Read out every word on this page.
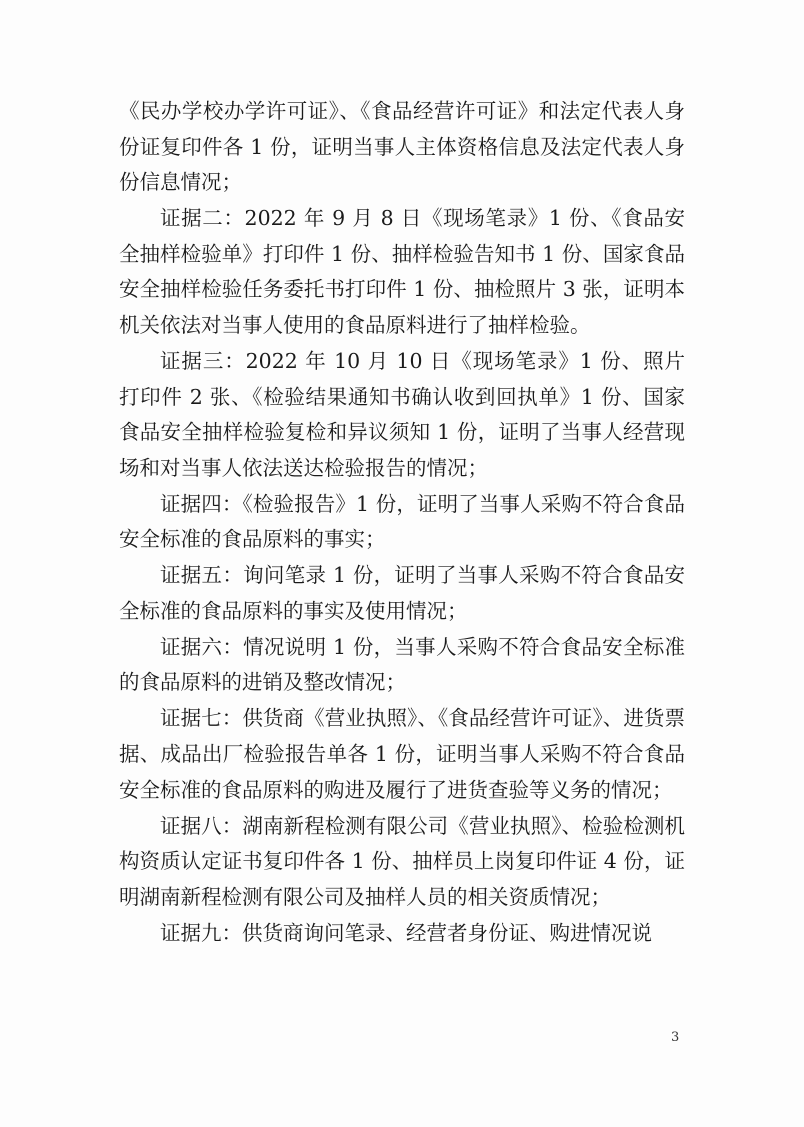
《民办学校办学许可证》、《食品经营许可证》和法定代表人身份证复印件各 1 份，证明当事人主体资格信息及法定代表人身份信息情况；

证据二：2022 年 9 月 8 日《现场笔录》1 份、《食品安全抽样检验单》打印件 1 份、抽样检验告知书 1 份、国家食品安全抽样检验任务委托书打印件 1 份、抽检照片 3 张，证明本机关依法对当事人使用的食品原料进行了抽样检验。

证据三：2022 年 10 月 10 日《现场笔录》1 份、照片打印件 2 张、《检验结果通知书确认收到回执单》1 份、国家食品安全抽样检验复检和异议须知 1 份，证明了当事人经营现场和对当事人依法送达检验报告的情况；

证据四：《检验报告》1 份，证明了当事人采购不符合食品安全标准的食品原料的事实；

证据五：询问笔录 1 份，证明了当事人采购不符合食品安全标准的食品原料的事实及使用情况；

证据六：情况说明 1 份，当事人采购不符合食品安全标准的食品原料的进销及整改情况；

证据七：供货商《营业执照》、《食品经营许可证》、进货票据、成品出厂检验报告单各 1 份，证明当事人采购不符合食品安全标准的食品原料的购进及履行了进货查验等义务的情况；

证据八：湖南新程检测有限公司《营业执照》、检验检测机构资质认定证书复印件各 1 份、抽样员上岗复印件证 4 份，证明湖南新程检测有限公司及抽样人员的相关资质情况；

证据九：供货商询问笔录、经营者身份证、购进情况说

3
